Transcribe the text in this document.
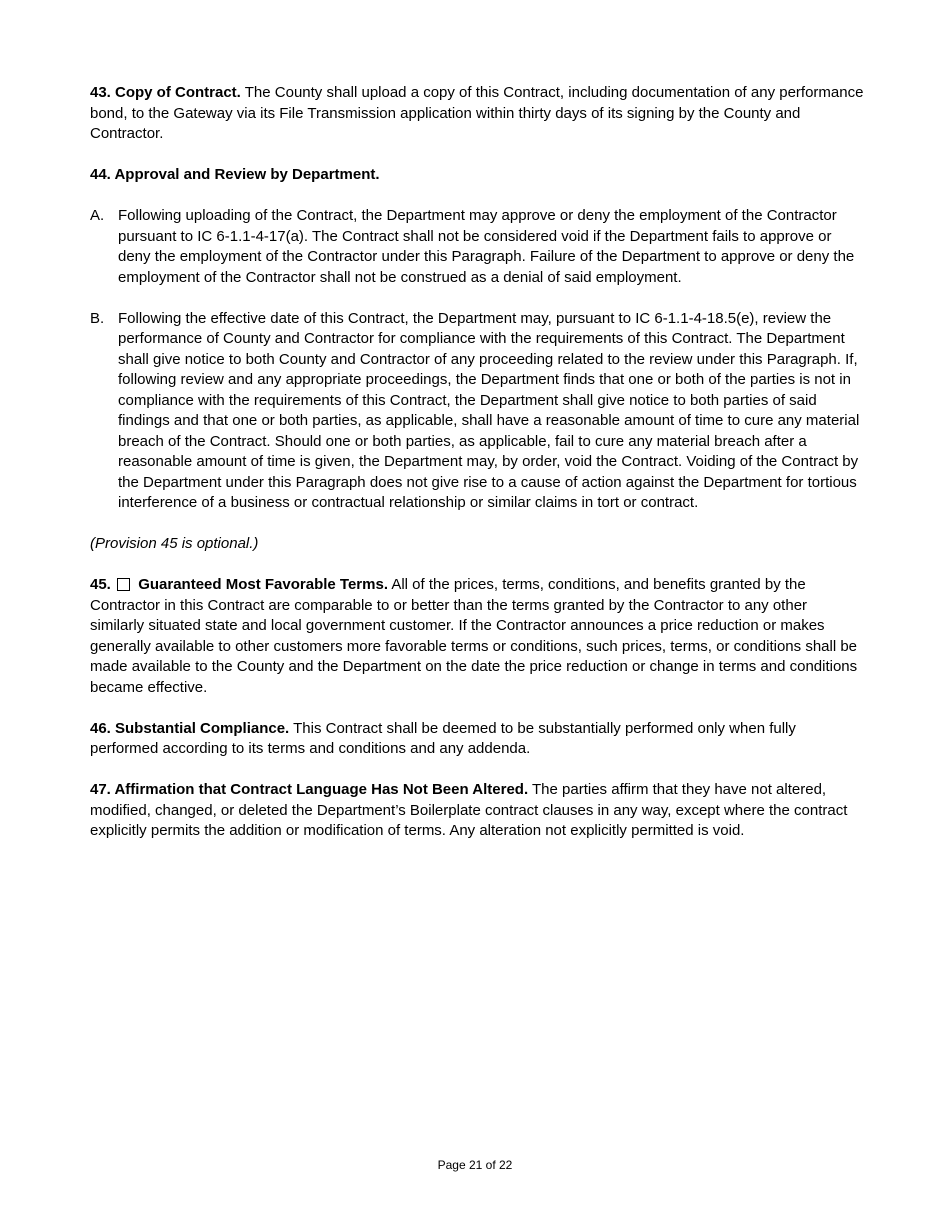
43. Copy of Contract. The County shall upload a copy of this Contract, including documentation of any performance bond, to the Gateway via its File Transmission application within thirty days of its signing by the County and Contractor.

44. Approval and Review by Department.

A. Following uploading of the Contract, the Department may approve or deny the employment of the Contractor pursuant to IC 6-1.1-4-17(a). The Contract shall not be considered void if the Department fails to approve or deny the employment of the Contractor under this Paragraph. Failure of the Department to approve or deny the employment of the Contractor shall not be construed as a denial of said employment.

B. Following the effective date of this Contract, the Department may, pursuant to IC 6-1.1-4-18.5(e), review the performance of County and Contractor for compliance with the requirements of this Contract. The Department shall give notice to both County and Contractor of any proceeding related to the review under this Paragraph. If, following review and any appropriate proceedings, the Department finds that one or both of the parties is not in compliance with the requirements of this Contract, the Department shall give notice to both parties of said findings and that one or both parties, as applicable, shall have a reasonable amount of time to cure any material breach of the Contract. Should one or both parties, as applicable, fail to cure any material breach after a reasonable amount of time is given, the Department may, by order, void the Contract. Voiding of the Contract by the Department under this Paragraph does not give rise to a cause of action against the Department for tortious interference of a business or contractual relationship or similar claims in tort or contract.

(Provision 45 is optional.)

45. Guaranteed Most Favorable Terms. All of the prices, terms, conditions, and benefits granted by the Contractor in this Contract are comparable to or better than the terms granted by the Contractor to any other similarly situated state and local government customer. If the Contractor announces a price reduction or makes generally available to other customers more favorable terms or conditions, such prices, terms, or conditions shall be made available to the County and the Department on the date the price reduction or change in terms and conditions became effective.

46. Substantial Compliance. This Contract shall be deemed to be substantially performed only when fully performed according to its terms and conditions and any addenda.

47. Affirmation that Contract Language Has Not Been Altered. The parties affirm that they have not altered, modified, changed, or deleted the Department’s Boilerplate contract clauses in any way, except where the contract explicitly permits the addition or modification of terms. Any alteration not explicitly permitted is void.

Page 21 of 22
